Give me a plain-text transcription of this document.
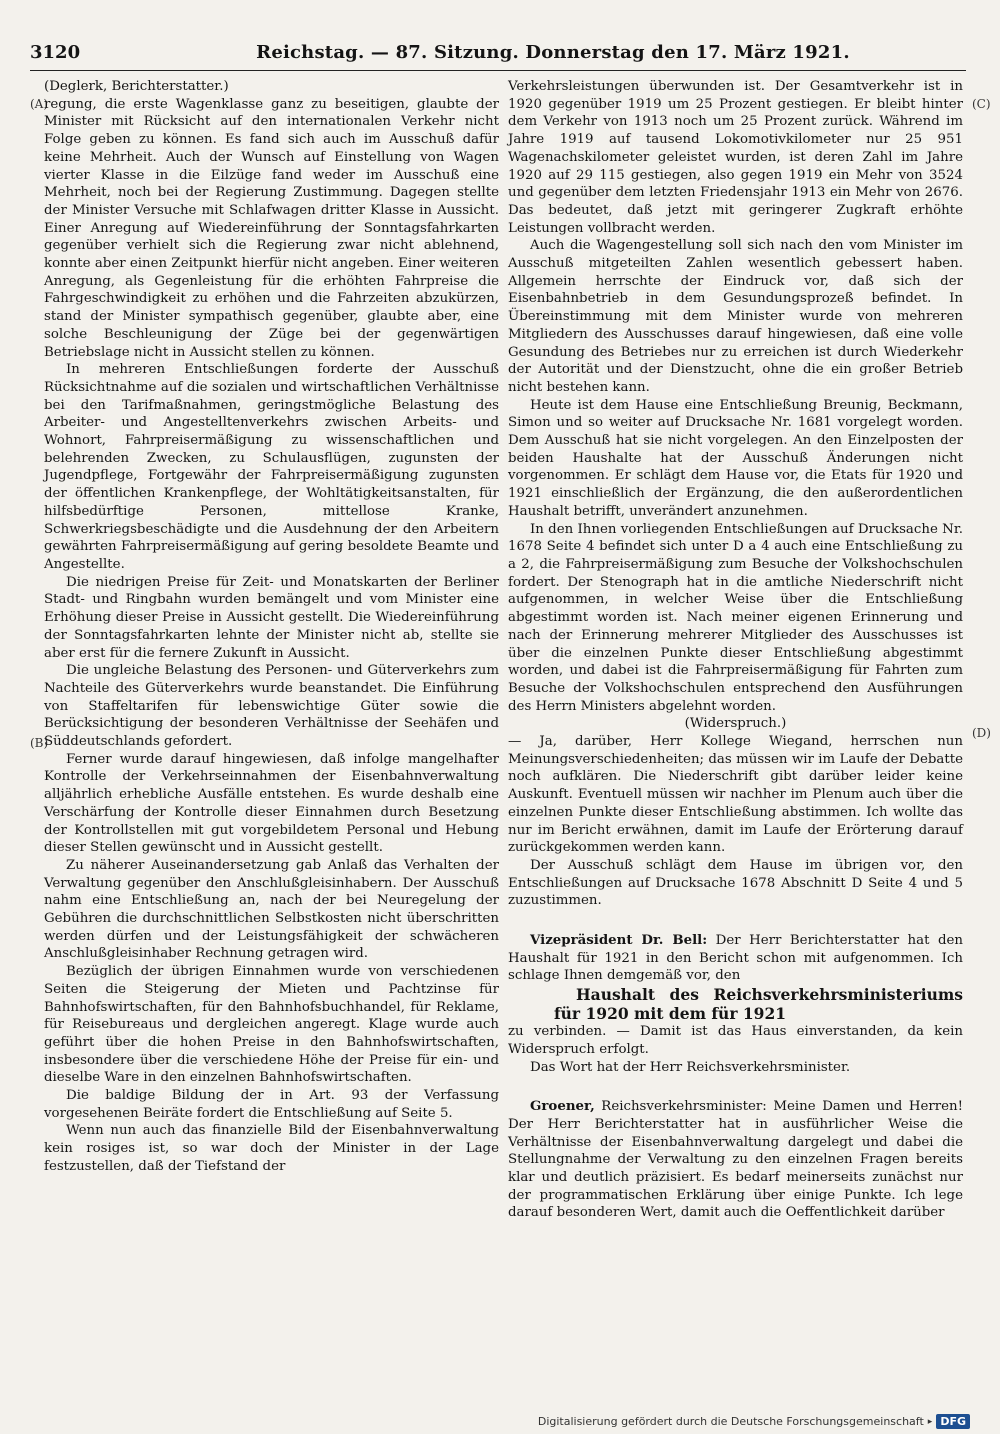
3120	Reichstag. — 87. Sitzung. Donnerstag den 17. März 1921.
(A)
(B)
(C)
(D)

(Deglerk, Berichterstatter.)

regung, die erste Wagenklasse ganz zu beseitigen, glaubte der Minister mit Rücksicht auf den internationalen Verkehr nicht Folge geben zu können. Es fand sich auch im Ausschuß dafür keine Mehrheit. Auch der Wunsch auf Einstellung von Wagen vierter Klasse in die Eilzüge fand weder im Ausschuß eine Mehrheit, noch bei der Regierung Zustimmung. Dagegen stellte der Minister Versuche mit Schlafwagen dritter Klasse in Aussicht. Einer Anregung auf Wiedereinführung der Sonntagsfahrkarten gegenüber verhielt sich die Regierung zwar nicht ablehnend, konnte aber einen Zeitpunkt hierfür nicht angeben. Einer weiteren Anregung, als Gegenleistung für die erhöhten Fahrpreise die Fahrgeschwindigkeit zu erhöhen und die Fahrzeiten abzukürzen, stand der Minister sympathisch gegenüber, glaubte aber, eine solche Beschleunigung der Züge bei der gegenwärtigen Betriebslage nicht in Aussicht stellen zu können.

In mehreren Entschließungen forderte der Ausschuß Rücksichtnahme auf die sozialen und wirtschaftlichen Verhältnisse bei den Tarifmaßnahmen, geringstmögliche Belastung des Arbeiter- und Angestelltenverkehrs zwischen Arbeits- und Wohnort, Fahrpreisermäßigung zu wissenschaftlichen und belehrenden Zwecken, zu Schulausflügen, zugunsten der Jugendpflege, Fortgewähr der Fahrpreisermäßigung zugunsten der öffentlichen Krankenpflege, der Wohltätigkeitsanstalten, für hilfsbedürftige Personen, mittellose Kranke, Schwerkriegsbeschädigte und die Ausdehnung der den Arbeitern gewährten Fahrpreisermäßigung auf gering besoldete Beamte und Angestellte.

Die niedrigen Preise für Zeit- und Monatskarten der Berliner Stadt- und Ringbahn wurden bemängelt und vom Minister eine Erhöhung dieser Preise in Aussicht gestellt. Die Wiedereinführung der Sonntagsfahrkarten lehnte der Minister nicht ab, stellte sie aber erst für die fernere Zukunft in Aussicht.

Die ungleiche Belastung des Personen- und Güterverkehrs zum Nachteile des Güterverkehrs wurde beanstandet. Die Einführung von Staffeltarifen für lebenswichtige Güter sowie die Berücksichtigung der besonderen Verhältnisse der Seehäfen und Süddeutschlands gefordert.

Ferner wurde darauf hingewiesen, daß infolge mangelhafter Kontrolle der Verkehrseinnahmen der Eisenbahnverwaltung alljährlich erhebliche Ausfälle entstehen. Es wurde deshalb eine Verschärfung der Kontrolle dieser Einnahmen durch Besetzung der Kontrollstellen mit gut vorgebildetem Personal und Hebung dieser Stellen gewünscht und in Aussicht gestellt.

Zu näherer Auseinandersetzung gab Anlaß das Verhalten der Verwaltung gegenüber den Anschlußgleisinhabern. Der Ausschuß nahm eine Entschließung an, nach der bei Neuregelung der Gebühren die durchschnittlichen Selbstkosten nicht überschritten werden dürfen und der Leistungsfähigkeit der schwächeren Anschlußgleisinhaber Rechnung getragen wird.

Bezüglich der übrigen Einnahmen wurde von verschiedenen Seiten die Steigerung der Mieten und Pachtzinse für Bahnhofswirtschaften, für den Bahnhofsbuchhandel, für Reklame, für Reisebureaus und dergleichen angeregt. Klage wurde auch geführt über die hohen Preise in den Bahnhofswirtschaften, insbesondere über die verschiedene Höhe der Preise für ein- und dieselbe Ware in den einzelnen Bahnhofswirtschaften.

Die baldige Bildung der in Art. 93 der Verfassung vorgesehenen Beiräte fordert die Entschließung auf Seite 5.

Wenn nun auch das finanzielle Bild der Eisenbahnverwaltung kein rosiges ist, so war doch der Minister in der Lage festzustellen, daß der Tiefstand der

Verkehrsleistungen überwunden ist. Der Gesamtverkehr ist in 1920 gegenüber 1919 um 25 Prozent gestiegen. Er bleibt hinter dem Verkehr von 1913 noch um 25 Prozent zurück. Während im Jahre 1919 auf tausend Lokomotivkilometer nur 25 951 Wagenachskilometer geleistet wurden, ist deren Zahl im Jahre 1920 auf 29 115 gestiegen, also gegen 1919 ein Mehr von 3524 und gegenüber dem letzten Friedensjahr 1913 ein Mehr von 2676. Das bedeutet, daß jetzt mit geringerer Zugkraft erhöhte Leistungen vollbracht werden.

Auch die Wagengestellung soll sich nach den vom Minister im Ausschuß mitgeteilten Zahlen wesentlich gebessert haben. Allgemein herrschte der Eindruck vor, daß sich der Eisenbahnbetrieb in dem Gesundungsprozeß befindet. In Übereinstimmung mit dem Minister wurde von mehreren Mitgliedern des Ausschusses darauf hingewiesen, daß eine volle Gesundung des Betriebes nur zu erreichen ist durch Wiederkehr der Autorität und der Dienstzucht, ohne die ein großer Betrieb nicht bestehen kann.

Heute ist dem Hause eine Entschließung Breunig, Beckmann, Simon und so weiter auf Drucksache Nr. 1681 vorgelegt worden. Dem Ausschuß hat sie nicht vorgelegen. An den Einzelposten der beiden Haushalte hat der Ausschuß Änderungen nicht vorgenommen. Er schlägt dem Hause vor, die Etats für 1920 und 1921 einschließlich der Ergänzung, die den außerordentlichen Haushalt betrifft, unverändert anzunehmen.

In den Ihnen vorliegenden Entschließungen auf Drucksache Nr. 1678 Seite 4 befindet sich unter D a 4 auch eine Entschließung zu a 2, die Fahrpreisermäßigung zum Besuche der Volkshochschulen fordert. Der Stenograph hat in die amtliche Niederschrift nicht aufgenommen, in welcher Weise über die Entschließung abgestimmt worden ist. Nach meiner eigenen Erinnerung und nach der Erinnerung mehrerer Mitglieder des Ausschusses ist über die einzelnen Punkte dieser Entschließung abgestimmt worden, und dabei ist die Fahrpreisermäßigung für Fahrten zum Besuche der Volkshochschulen entsprechend den Ausführungen des Herrn Ministers abgelehnt worden.

(Widerspruch.)

— Ja, darüber, Herr Kollege Wiegand, herrschen nun Meinungsverschiedenheiten; das müssen wir im Laufe der Debatte noch aufklären. Die Niederschrift gibt darüber leider keine Auskunft. Eventuell müssen wir nachher im Plenum auch über die einzelnen Punkte dieser Entschließung abstimmen. Ich wollte das nur im Bericht erwähnen, damit im Laufe der Erörterung darauf zurückgekommen werden kann.

Der Ausschuß schlägt dem Hause im übrigen vor, den Entschließungen auf Drucksache 1678 Abschnitt D Seite 4 und 5 zuzustimmen.

Vizepräsident Dr. Bell: Der Herr Berichterstatter hat den Haushalt für 1921 in den Bericht schon mit aufgenommen. Ich schlage Ihnen demgemäß vor, den

Haushalt des Reichsverkehrsministeriums für 1920 mit dem für 1921

zu verbinden. — Damit ist das Haus einverstanden, da kein Widerspruch erfolgt.

Das Wort hat der Herr Reichsverkehrsminister.

Groener, Reichsverkehrsminister: Meine Damen und Herren! Der Herr Berichterstatter hat in ausführlicher Weise die Verhältnisse der Eisenbahnverwaltung dargelegt und dabei die Stellungnahme der Verwaltung zu den einzelnen Fragen bereits klar und deutlich präzisiert. Es bedarf meinerseits zunächst nur der programmatischen Erklärung über einige Punkte. Ich lege darauf besonderen Wert, damit auch die Oeffentlichkeit darüber

Digitalisierung gefördert durch die Deutsche Forschungsgemeinschaft ▸ DFG
